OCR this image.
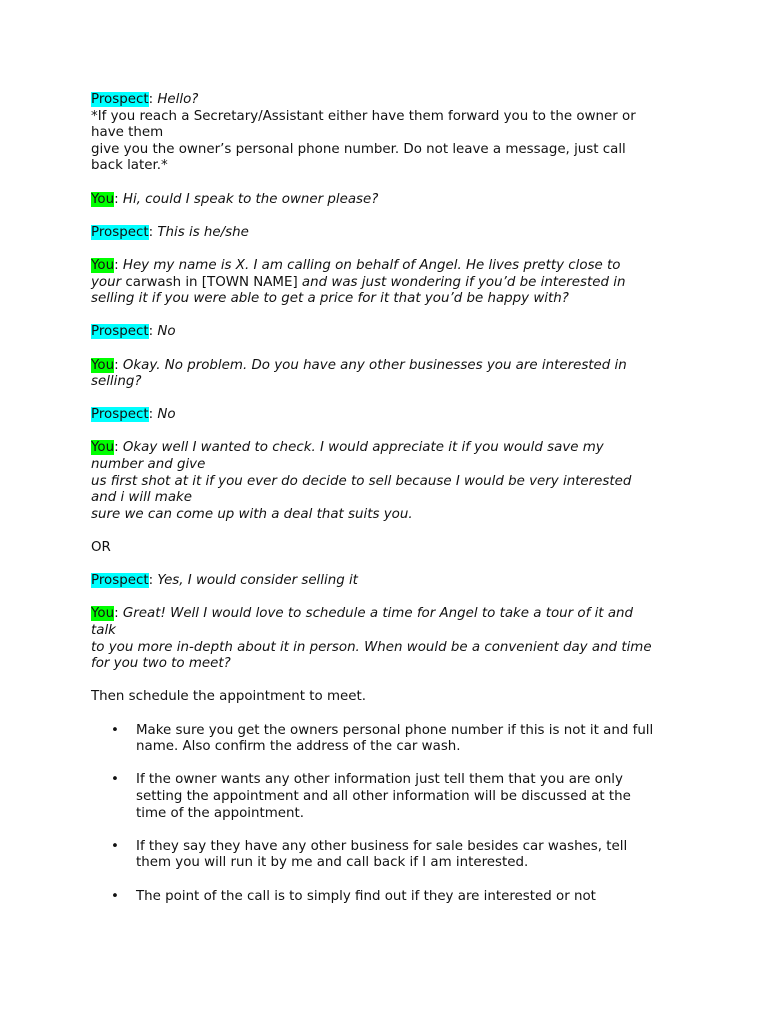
Prospect: Hello?
*If you reach a Secretary/Assistant either have them forward you to the owner or
have them
give you the owner’s personal phone number. Do not leave a message, just call
back later.*
You: Hi, could I speak to the owner please?
Prospect: This is he/she
You: Hey my name is X. I am calling on behalf of Angel. He lives pretty close to
your carwash in [TOWN NAME] and was just wondering if you’d be interested in
selling it if you were able to get a price for it that you’d be happy with?
Prospect: No
You: Okay. No problem. Do you have any other businesses you are interested in
selling?
Prospect: No
You: Okay well I wanted to check. I would appreciate it if you would save my
number and give
us first shot at it if you ever do decide to sell because I would be very interested
and i will make
sure we can come up with a deal that suits you.
OR
Prospect: Yes, I would consider selling it
You: Great! Well I would love to schedule a time for Angel to take a tour of it and
talk
to you more in-depth about it in person. When would be a convenient day and time
for you two to meet?
Then schedule the appointment to meet.
• Make sure you get the owners personal phone number if this is not it and full
name. Also confirm the address of the car wash.
• If the owner wants any other information just tell them that you are only
setting the appointment and all other information will be discussed at the
time of the appointment.
• If they say they have any other business for sale besides car washes, tell
them you will run it by me and call back if I am interested.
• The point of the call is to simply find out if they are interested or not
